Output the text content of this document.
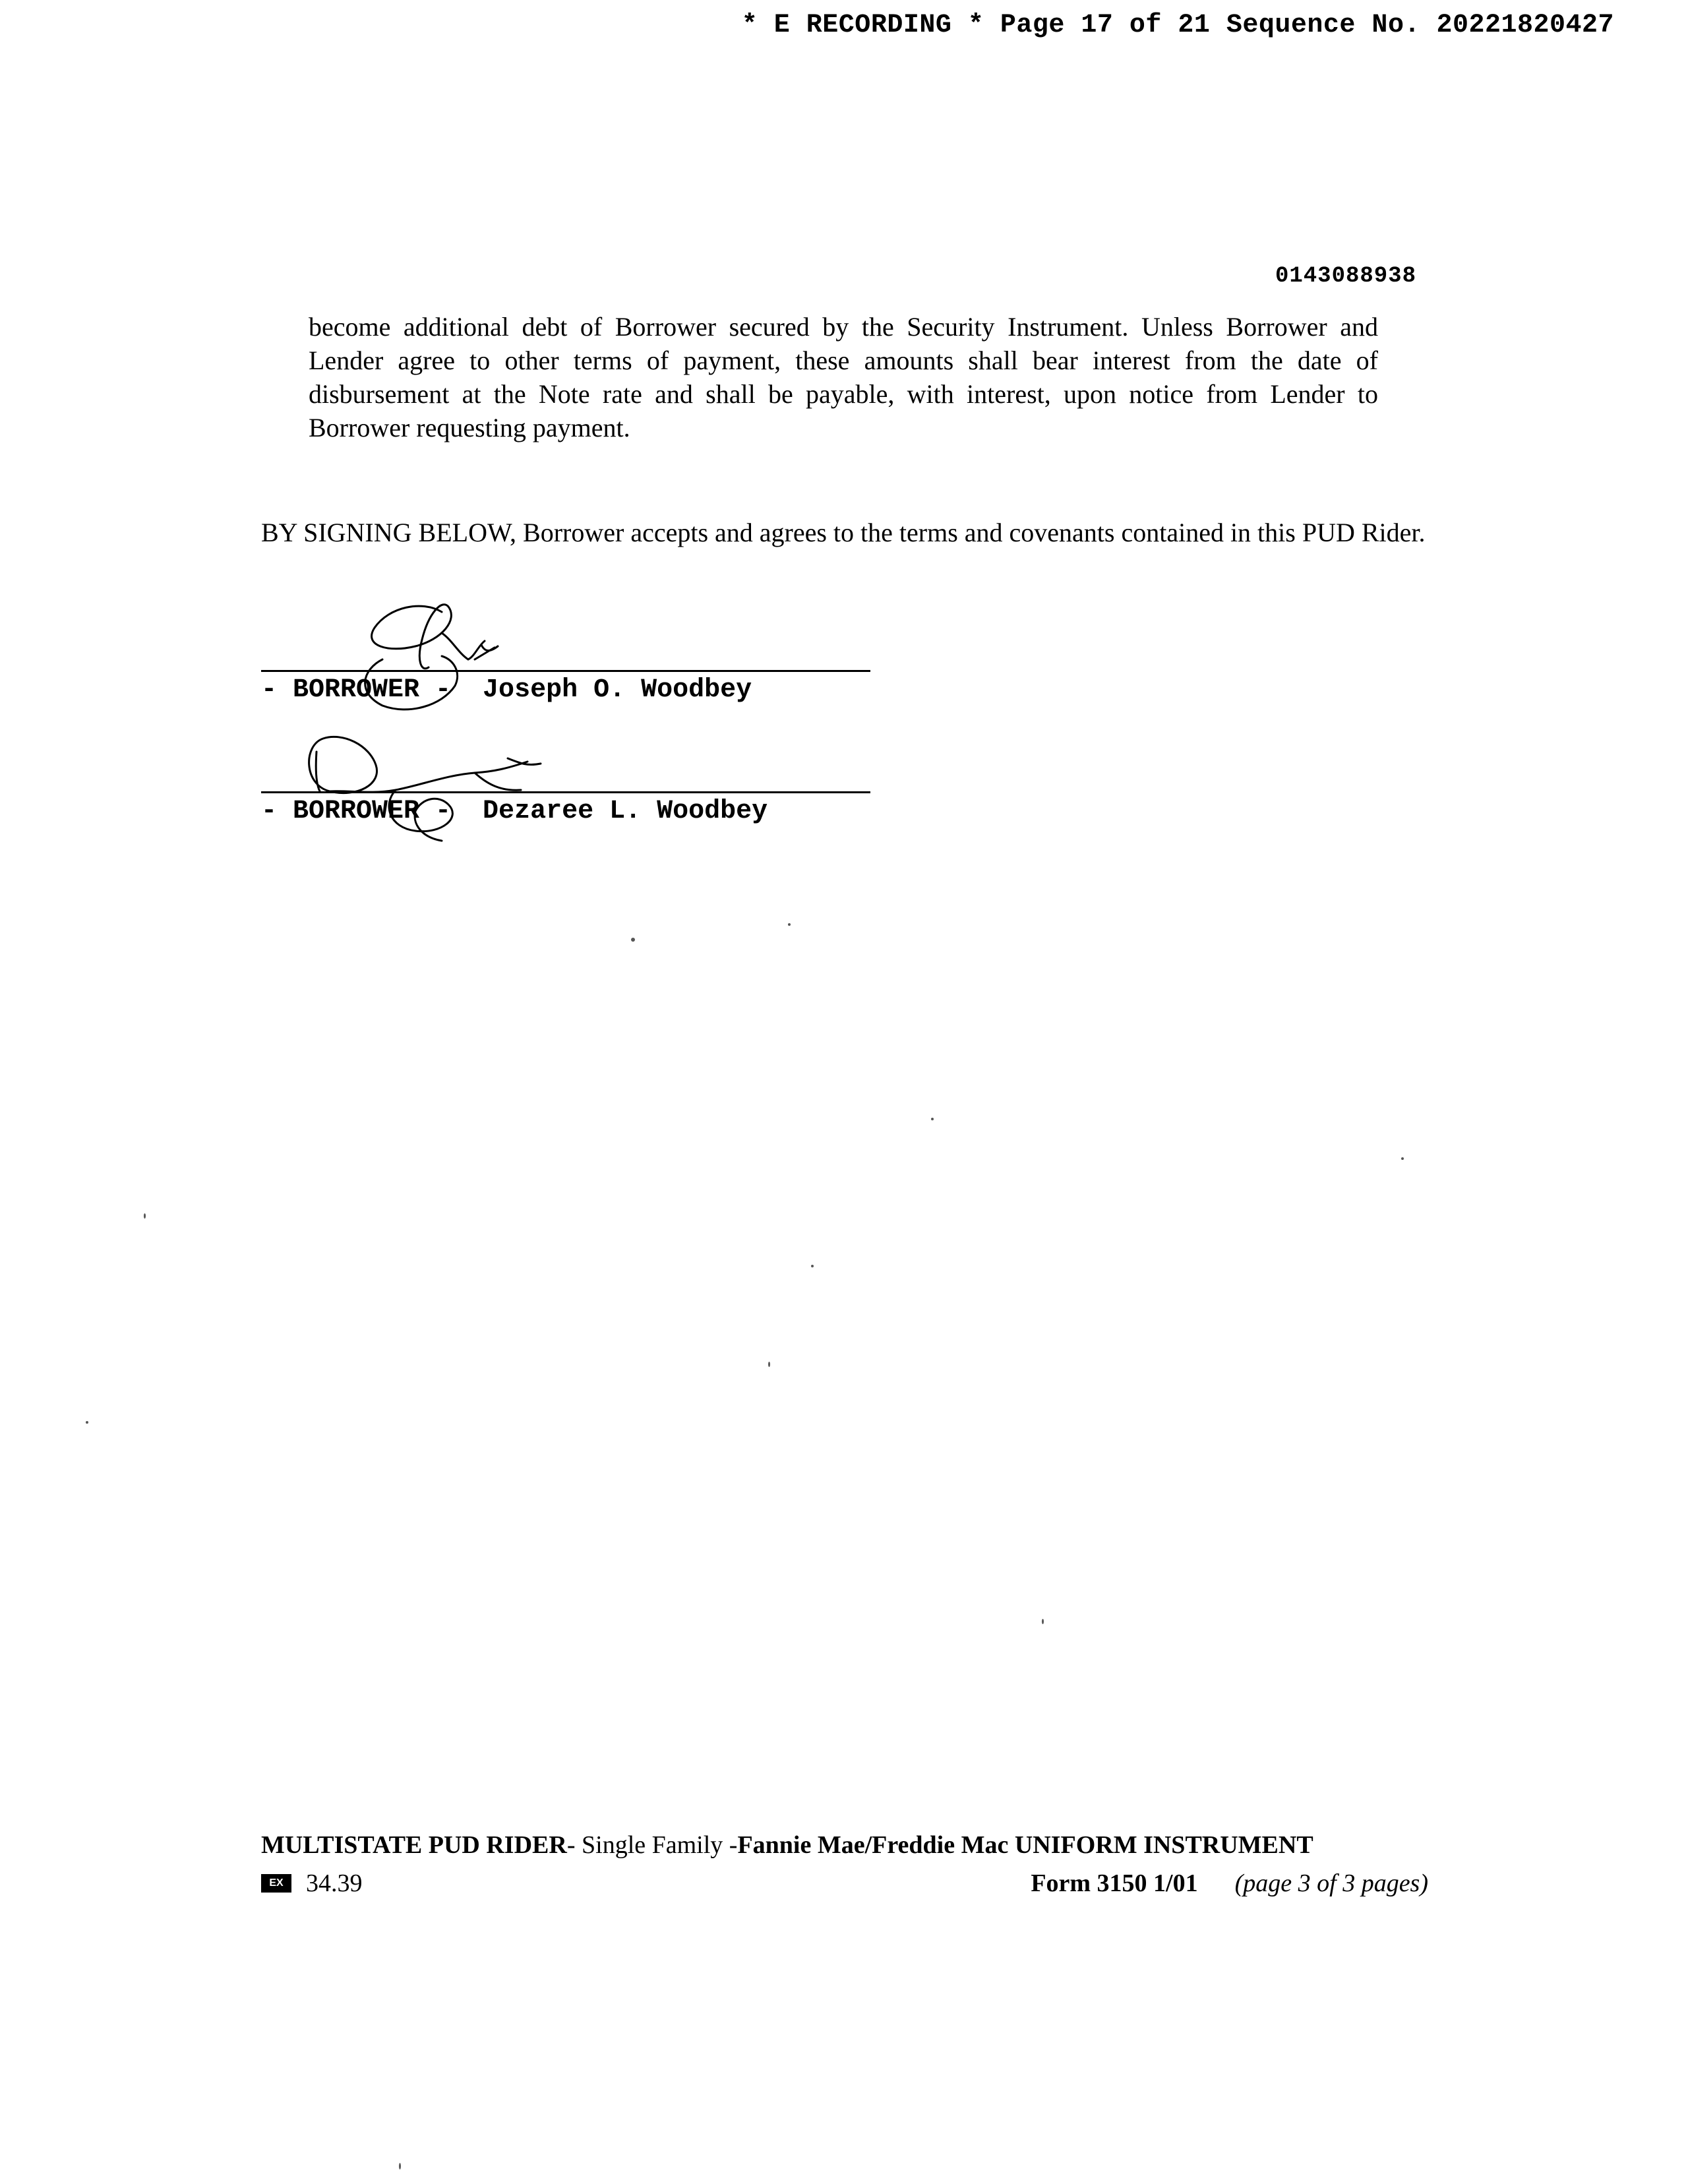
* E RECORDING * Page 17 of 21 Sequence No. 20221820427
0143088938

become additional debt of Borrower secured by the Security Instrument. Unless Borrower and Lender agree to other terms of payment, these amounts shall bear interest from the date of disbursement at the Note rate and shall be payable, with interest, upon notice from Lender to Borrower requesting payment.

BY SIGNING BELOW, Borrower accepts and agrees to the terms and covenants contained in this PUD Rider.

- BORROWER -  Joseph O. Woodbey
- BORROWER -  Dezaree L. Woodbey
MULTISTATE PUD RIDER- Single Family -Fannie Mae/Freddie Mac UNIFORM INSTRUMENT
EX 34.39	Form 3150 1/01 (page 3 of 3 pages)
